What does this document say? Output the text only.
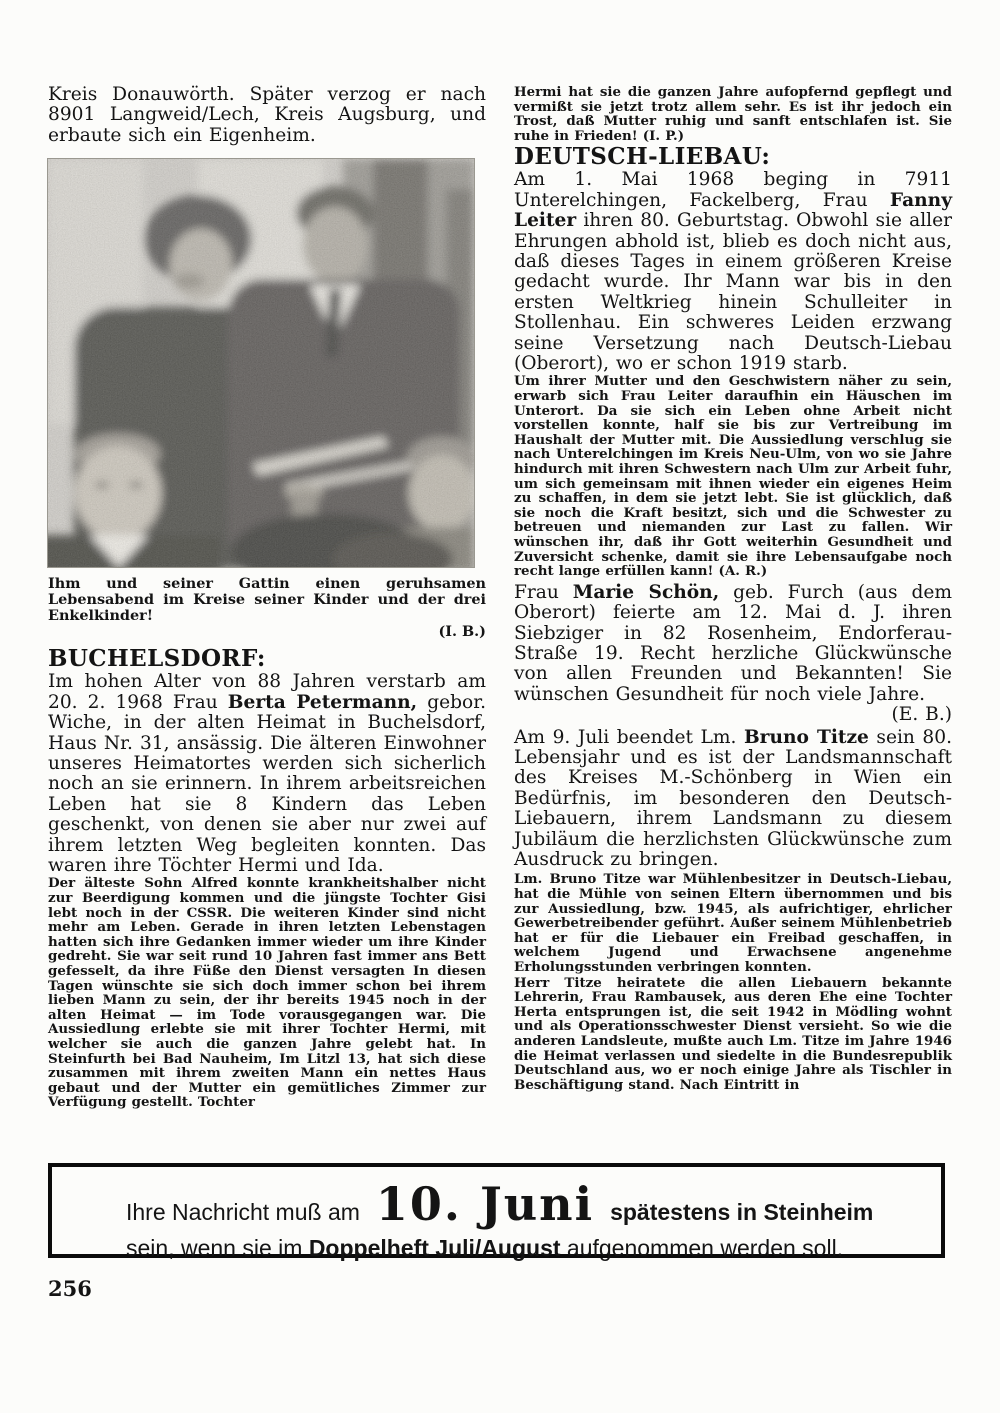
Kreis Donauwörth. Später verzog er nach 8901 Langweid/Lech, Kreis Augsburg, und erbaute sich ein Eigenheim.

Ihm und seiner Gattin einen geruhsamen Lebensabend im Kreise seiner Kinder und der drei Enkelkinder!
(I. B.)
BUCHELSDORF:

Im hohen Alter von 88 Jahren verstarb am 20. 2. 1968 Frau Berta Petermann, gebor. Wiche, in der alten Heimat in Buchelsdorf, Haus Nr. 31, ansässig. Die älteren Einwohner unseres Heimatortes werden sich sicherlich noch an sie erinnern. In ihrem arbeitsreichen Leben hat sie 8 Kindern das Leben geschenkt, von denen sie aber nur zwei auf ihrem letzten Weg begleiten konnten. Das waren ihre Töchter Hermi und Ida.

Der älteste Sohn Alfred konnte krankheitshalber nicht zur Beerdigung kommen und die jüngste Tochter Gisi lebt noch in der CSSR. Die weiteren Kinder sind nicht mehr am Leben. Gerade in ihren letzten Lebenstagen hatten sich ihre Gedanken immer wieder um ihre Kinder gedreht. Sie war seit rund 10 Jahren fast immer ans Bett gefesselt, da ihre Füße den Dienst versagten In diesen Tagen wünschte sie sich doch immer schon bei ihrem lieben Mann zu sein, der ihr bereits 1945 noch in der alten Heimat — im Tode vorausgegangen war. Die Aussiedlung erlebte sie mit ihrer Tochter Hermi, mit welcher sie auch die ganzen Jahre gelebt hat. In Steinfurth bei Bad Nauheim, Im Litzl 13, hat sich diese zusammen mit ihrem zweiten Mann ein nettes Haus gebaut und der Mutter ein gemütliches Zimmer zur Verfügung gestellt. Tochter

Hermi hat sie die ganzen Jahre aufopfernd gepflegt und vermißt sie jetzt trotz allem sehr. Es ist ihr jedoch ein Trost, daß Mutter ruhig und sanft entschlafen ist. Sie ruhe in Frieden! (I. P.)

DEUTSCH-LIEBAU:

Am 1. Mai 1968 beging in 7911 Unterelchingen, Fackelberg, Frau Fanny Leiter ihren 80. Geburtstag. Obwohl sie aller Ehrungen abhold ist, blieb es doch nicht aus, daß dieses Tages in einem größeren Kreise gedacht wurde. Ihr Mann war bis in den ersten Weltkrieg hinein Schulleiter in Stollenhau. Ein schweres Leiden erzwang seine Versetzung nach Deutsch-Liebau (Oberort), wo er schon 1919 starb.

Um ihrer Mutter und den Geschwistern näher zu sein, erwarb sich Frau Leiter daraufhin ein Häuschen im Unterort. Da sie sich ein Leben ohne Arbeit nicht vorstellen konnte, half sie bis zur Vertreibung im Haushalt der Mutter mit. Die Aussiedlung verschlug sie nach Unterelchingen im Kreis Neu-Ulm, von wo sie Jahre hindurch mit ihren Schwestern nach Ulm zur Arbeit fuhr, um sich gemeinsam mit ihnen wieder ein eigenes Heim zu schaffen, in dem sie jetzt lebt. Sie ist glücklich, daß sie noch die Kraft besitzt, sich und die Schwester zu betreuen und niemanden zur Last zu fallen. Wir wünschen ihr, daß ihr Gott weiterhin Gesundheit und Zuversicht schenke, damit sie ihre Lebensaufgabe noch recht lange erfüllen kann! (A. R.)

Frau Marie Schön, geb. Furch (aus dem Oberort) feierte am 12. Mai d. J. ihren Siebziger in 82 Rosenheim, Endorferau-Straße 19. Recht herzliche Glückwünsche von allen Freunden und Bekannten! Sie wünschen Gesundheit für noch viele Jahre.
(E. B.)

Am 9. Juli beendet Lm. Bruno Titze sein 80. Lebensjahr und es ist der Landsmannschaft des Kreises M.-Schönberg in Wien ein Bedürfnis, im besonderen den Deutsch-Liebauern, ihrem Landsmann zu diesem Jubiläum die herzlichsten Glückwünsche zum Ausdruck zu bringen.

Lm. Bruno Titze war Mühlenbesitzer in Deutsch-Liebau, hat die Mühle von seinen Eltern übernommen und bis zur Aussiedlung, bzw. 1945, als aufrichtiger, ehrlicher Gewerbetreibender geführt. Außer seinem Mühlenbetrieb hat er für die Liebauer ein Freibad geschaffen, in welchem Jugend und Erwachsene angenehme Erholungsstunden verbringen konnten.

Herr Titze heiratete die allen Liebauern bekannte Lehrerin, Frau Rambausek, aus deren Ehe eine Tochter Herta entsprungen ist, die seit 1942 in Mödling wohnt und als Operationsschwester Dienst versieht. So wie die anderen Landsleute, mußte auch Lm. Titze im Jahre 1946 die Heimat verlassen und siedelte in die Bundesrepublik Deutschland aus, wo er noch einige Jahre als Tischler in Beschäftigung stand. Nach Eintritt in

Ihre Nachricht muß am 10. Juni spätestens in Steinheim
sein, wenn sie im Doppelheft Juli/August aufgenommen werden soll.
256
